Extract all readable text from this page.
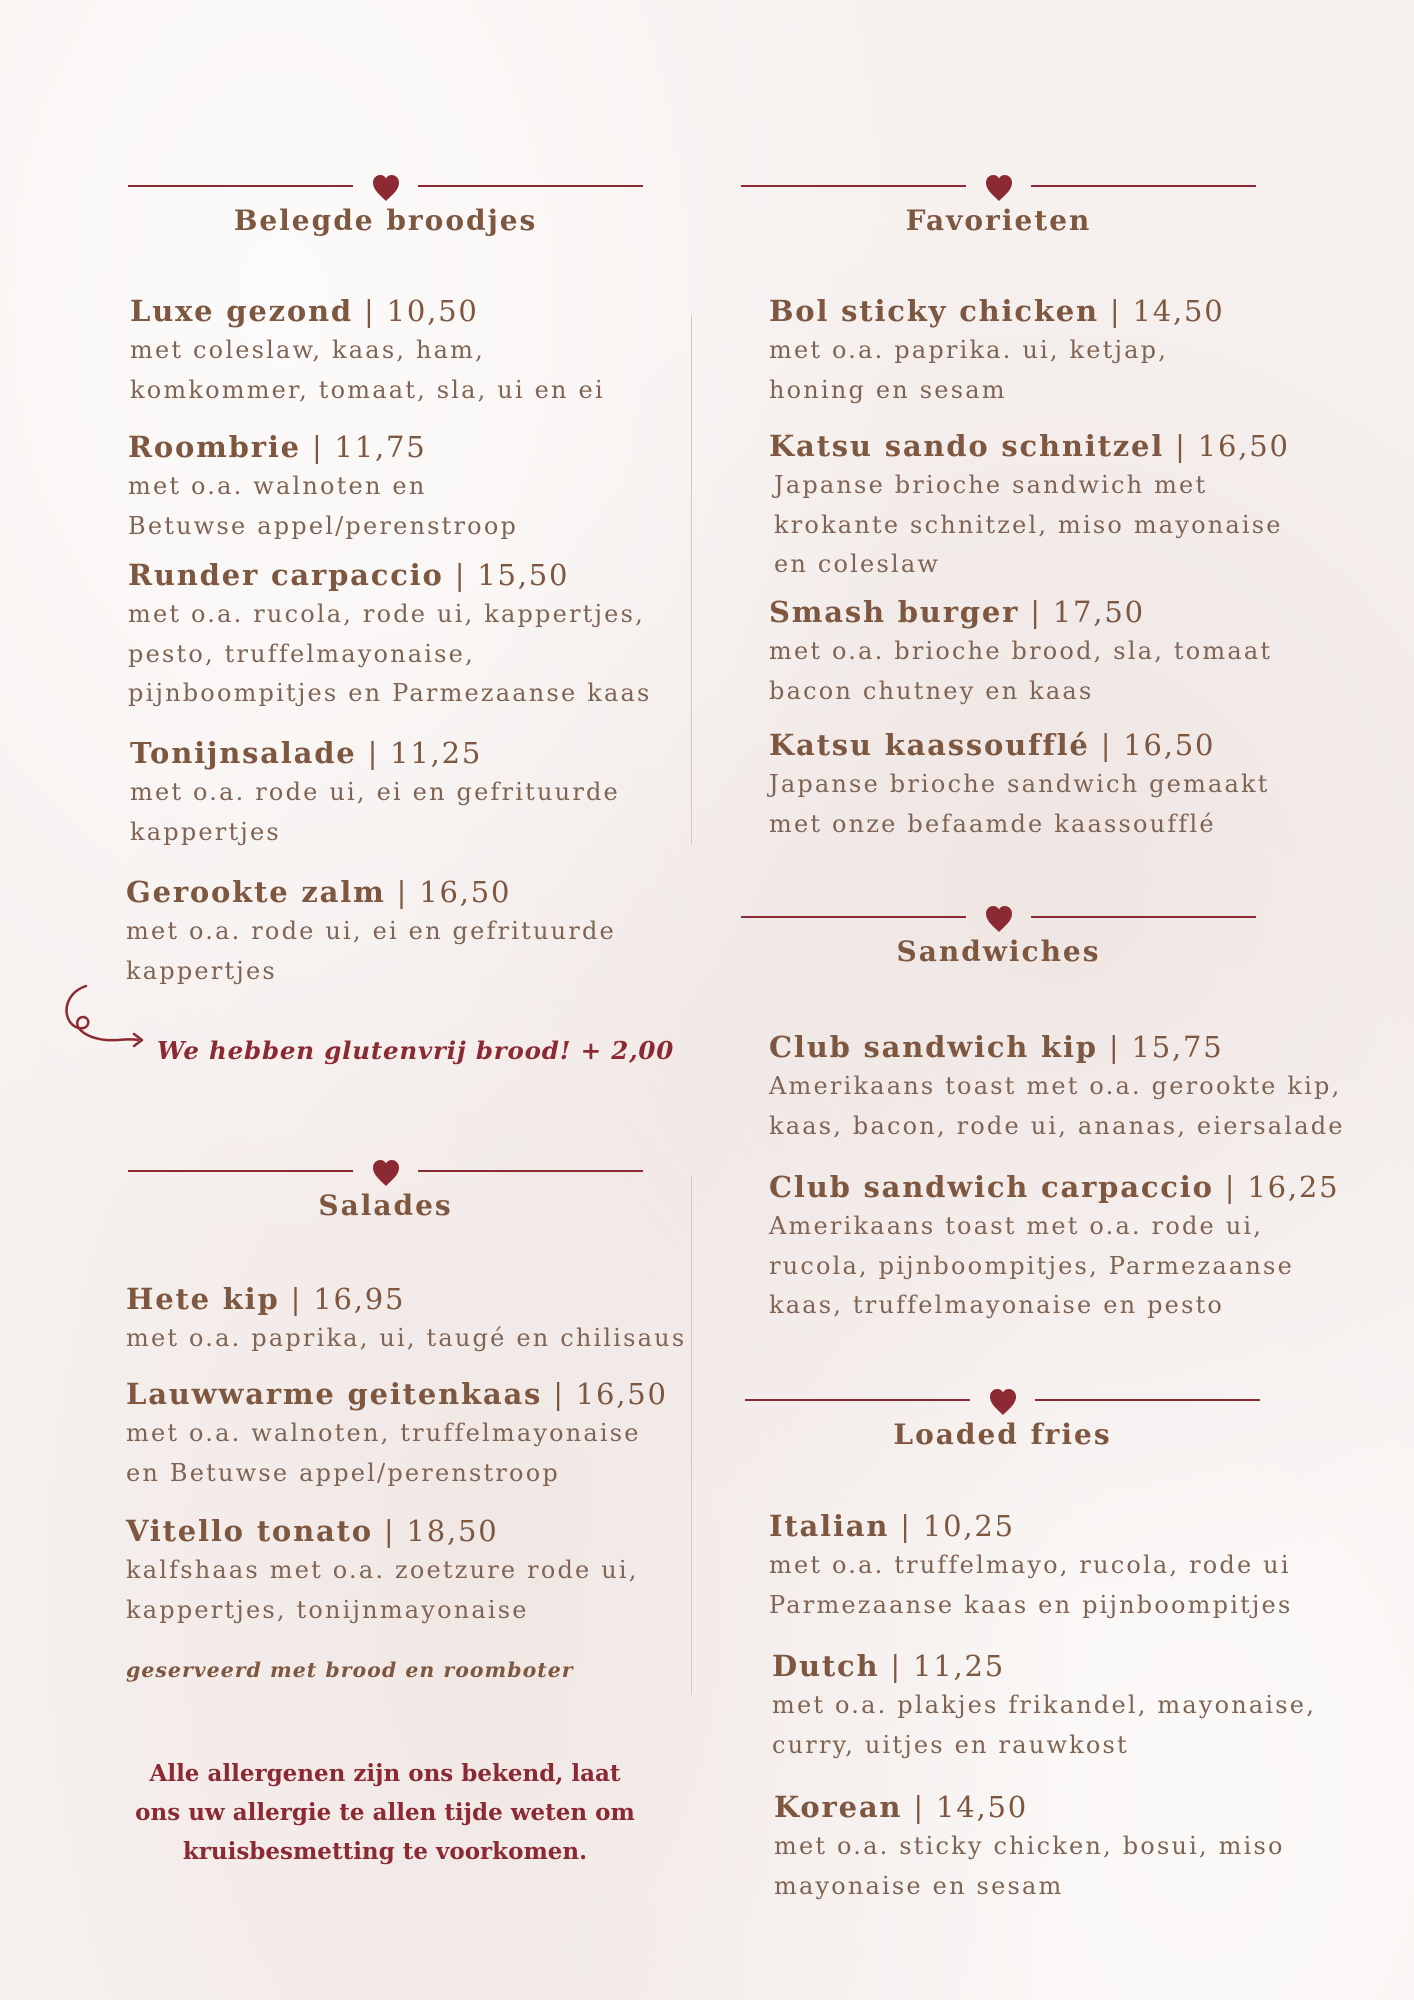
Belegde broodjes
Luxe gezond | 10,50
met coleslaw, kaas, ham,
komkommer, tomaat, sla, ui en ei
Roombrie | 11,75
met o.a. walnoten en
Betuwse appel/perenstroop
Runder carpaccio | 15,50
met o.a. rucola, rode ui, kappertjes,
pesto, truffelmayonaise,
pijnboompitjes en Parmezaanse kaas
Tonijnsalade | 11,25
met o.a. rode ui, ei en gefrituurde
kappertjes
Gerookte zalm | 16,50
met o.a. rode ui, ei en gefrituurde
kappertjes
We hebben glutenvrij brood! + 2,00
Salades
Hete kip | 16,95
met o.a. paprika, ui, taugé en chilisaus
Lauwwarme geitenkaas | 16,50
met o.a. walnoten, truffelmayonaise
en Betuwse appel/perenstroop
Vitello tonato | 18,50
kalfshaas met o.a. zoetzure rode ui,
kappertjes, tonijnmayonaise
geserveerd met brood en roomboter
Alle allergenen zijn ons bekend, laat
ons uw allergie te allen tijde weten om
kruisbesmetting te voorkomen.
Favorieten
Bol sticky chicken | 14,50
met o.a. paprika. ui, ketjap,
honing en sesam
Katsu sando schnitzel | 16,50
Japanse brioche sandwich met
krokante schnitzel, miso mayonaise
en coleslaw
Smash burger | 17,50
met o.a. brioche brood, sla, tomaat
bacon chutney en kaas
Katsu kaassoufflé | 16,50
Japanse brioche sandwich gemaakt
met onze befaamde kaassoufflé
Sandwiches
Club sandwich kip | 15,75
Amerikaans toast met o.a. gerookte kip,
kaas, bacon, rode ui, ananas, eiersalade
Club sandwich carpaccio | 16,25
Amerikaans toast met o.a. rode ui,
rucola, pijnboompitjes, Parmezaanse
kaas, truffelmayonaise en pesto
Loaded fries
Italian | 10,25
met o.a. truffelmayo, rucola, rode ui
Parmezaanse kaas en pijnboompitjes
Dutch | 11,25
met o.a. plakjes frikandel, mayonaise,
curry, uitjes en rauwkost
Korean | 14,50
met o.a. sticky chicken, bosui, miso
mayonaise en sesam
